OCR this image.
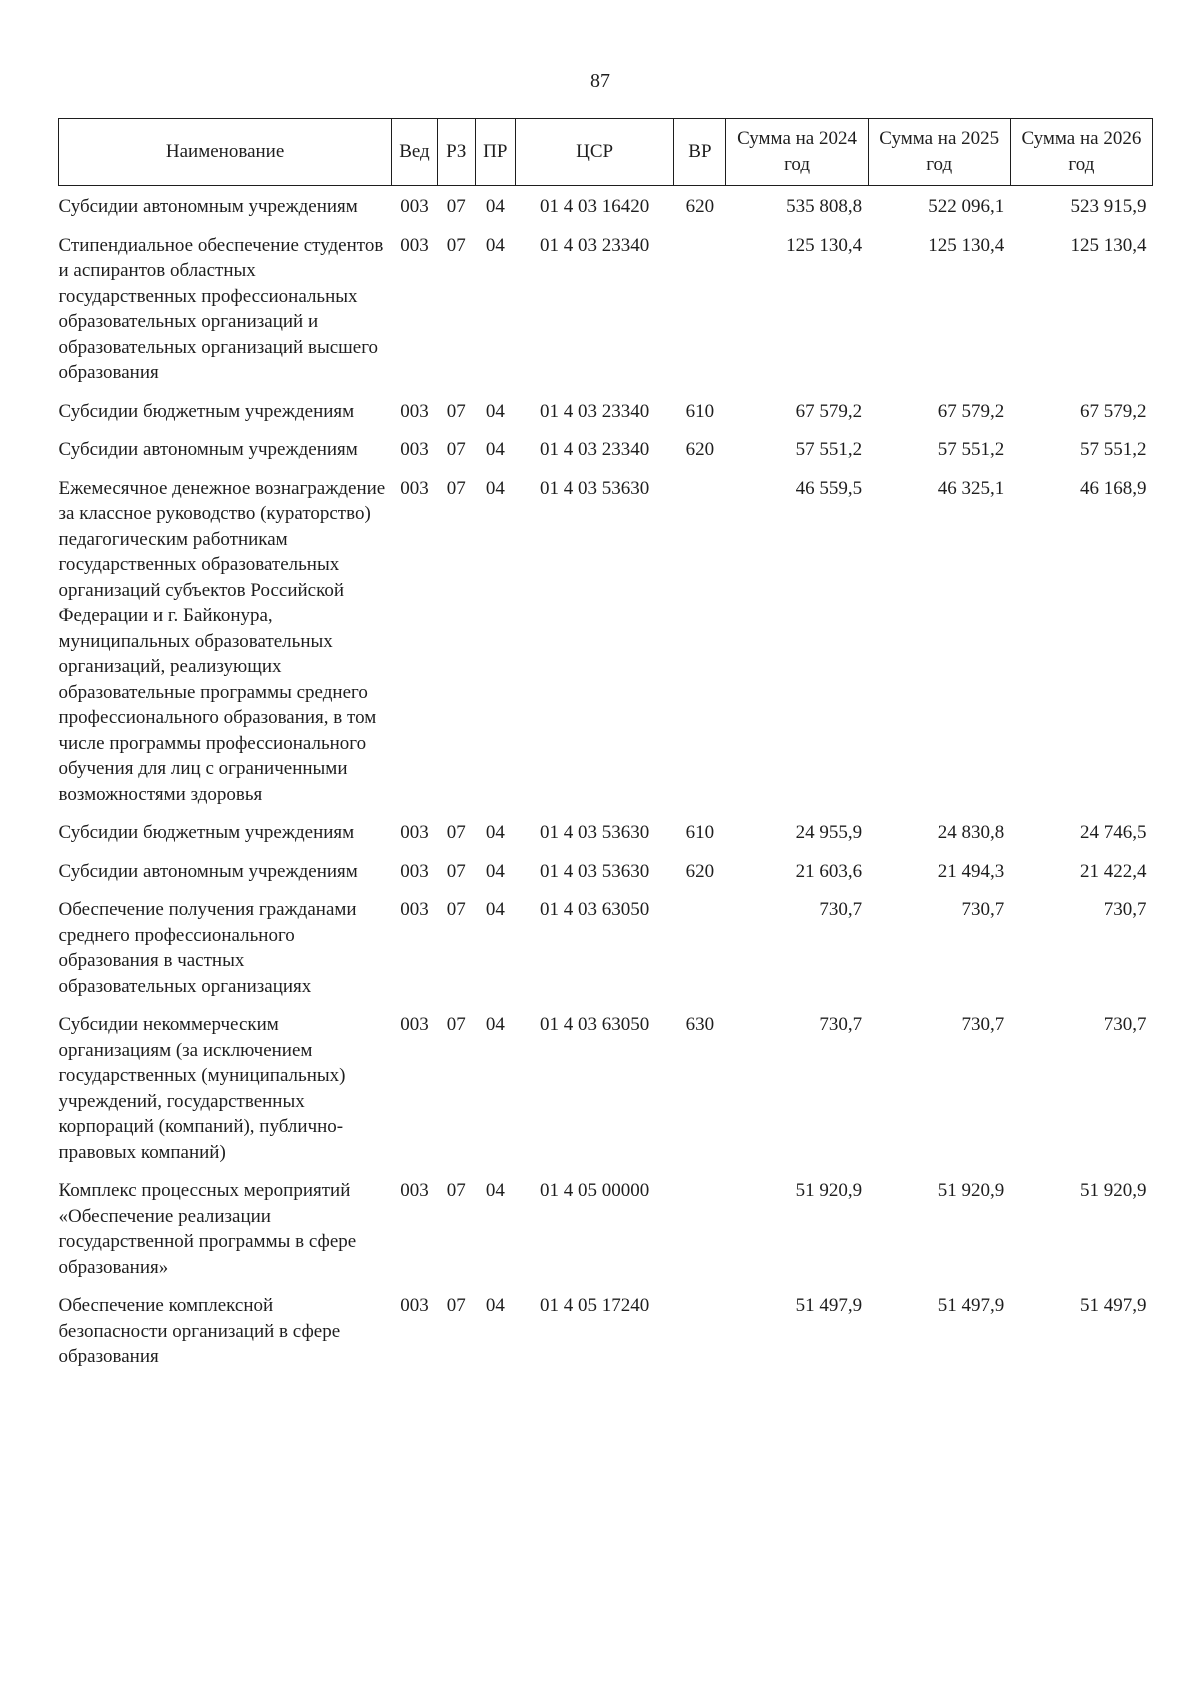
87
Наименование	Вед	РЗ	ПР	ЦСР	ВР	Сумма на 2024 год	Сумма на 2025 год	Сумма на 2026 год
Субсидии автономным учреждениям	003	07	04	01 4 03 16420	620	535 808,8	522 096,1	523 915,9
Стипендиальное обеспечение студентов и аспирантов областных государственных профессиональных образовательных организаций и образовательных организаций высшего образования	003	07	04	01 4 03 23340		125 130,4	125 130,4	125 130,4
Субсидии бюджетным учреждениям	003	07	04	01 4 03 23340	610	67 579,2	67 579,2	67 579,2
Субсидии автономным учреждениям	003	07	04	01 4 03 23340	620	57 551,2	57 551,2	57 551,2
Ежемесячное денежное вознаграждение за классное руководство (кураторство) педагогическим работникам государственных образовательных организаций субъектов Российской Федерации и г. Байконура, муниципальных образовательных организаций, реализующих образовательные программы среднего профессионального образования, в том числе программы профессионального обучения для лиц с ограниченными возможностями здоровья	003	07	04	01 4 03 53630		46 559,5	46 325,1	46 168,9
Субсидии бюджетным учреждениям	003	07	04	01 4 03 53630	610	24 955,9	24 830,8	24 746,5
Субсидии автономным учреждениям	003	07	04	01 4 03 53630	620	21 603,6	21 494,3	21 422,4
Обеспечение получения гражданами среднего профессионального образования в частных образовательных организациях	003	07	04	01 4 03 63050		730,7	730,7	730,7
Субсидии некоммерческим организациям (за исключением государственных (муниципальных) учреждений, государственных корпораций (компаний), публично-правовых компаний)	003	07	04	01 4 03 63050	630	730,7	730,7	730,7
Комплекс процессных мероприятий «Обеспечение реализации государственной программы в сфере образования»	003	07	04	01 4 05 00000		51 920,9	51 920,9	51 920,9
Обеспечение комплексной безопасности организаций в сфере образования	003	07	04	01 4 05 17240		51 497,9	51 497,9	51 497,9
